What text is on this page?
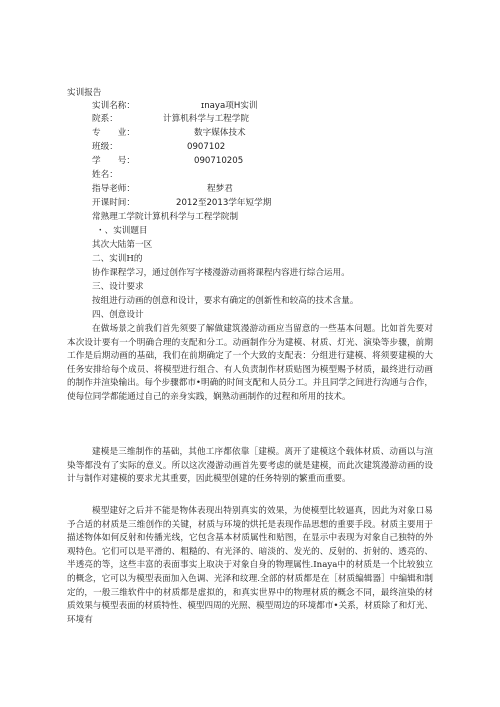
实训报告
实训名称：	ɪnaya项H实训
院系：	计算机科学与工程学院
专　　业：	数字媒体技术
班级：	0907102
学　　号：	090710205
姓名：
指导老师：	程梦君
开课时间：	2012至2013学年短学期
常熟理工学院计算机科学与工程学院制
・、实训题目
其次大陆第一区
二、实训H的
协作课程学习，通过创作写字楼漫游动画将课程内容进行综合运用。
三、设计要求
按组进行动画的创意和设计，要求有确定的创新性和较高的技术含量。
四、创意设计
在做场景之前我们首先须要了解做建筑漫游动画应当留意的一些基本问题。比如首先要对本次设计要有一个明确合理的支配和分工。动画制作分为建模、材质、灯光、演染等步骤，前期工作是后期动画的基础，我们在前期确定了一个大致的支配表：分组进行建模、将须要建模的大任务安排给每个成员、将模型进行组合、有人负责制作材质贴图为模型赐予材质，最终进行动画的制作并渲染输出。每个步骤都市•明确的时间支配和人员分工。并且同学之间进行沟通与合作，使每位同学都能通过自己的亲身实践，娴熟动画制作的过程和所用的技术。
建模是三维制作的基础，其他工序都依靠［建模。离开了建模这个载体材质、动画以与渲染等都没有了实际的意义。所以这次漫游动画首先要考虑的就是建模，而此次建筑漫游动画的设计与制作对建模的要求尤其重要，因此模型创建的任务特别的繁重而重要。
模型建好之后并不能是物体表现出特别真实的效果，为使模型比较逼真，因此为对象口易予合适的材质是三维创作的关键，材质与环境的烘托是表现作品思想的重要手段。材质主要用于描述物体如何反射和传播光线，它包含基本材质属性和贴图，在显示中表现为对象自己独特的外观特色。它们可以是平滑的、粗糙的、有光泽的、暗淡的、发光的、反射的、折射的、透亮的、半透亮的等，这些丰富的表面事实上取决于对象自身的物理属性.Inaya中的材质是一个比较独立的概念，它可以为模型表面加入色调、光泽和纹理.全部的材质都是在［材质编辑器］中编辑和制定的，一般三维软件中的材质都是虚拟的，和真实世界中的物理材质的概念不同，最终渲染的材质效果与模型表面的材质特性、模型四周的光照、模型周边的环境都市•关系，材质除了和灯光、环境有
